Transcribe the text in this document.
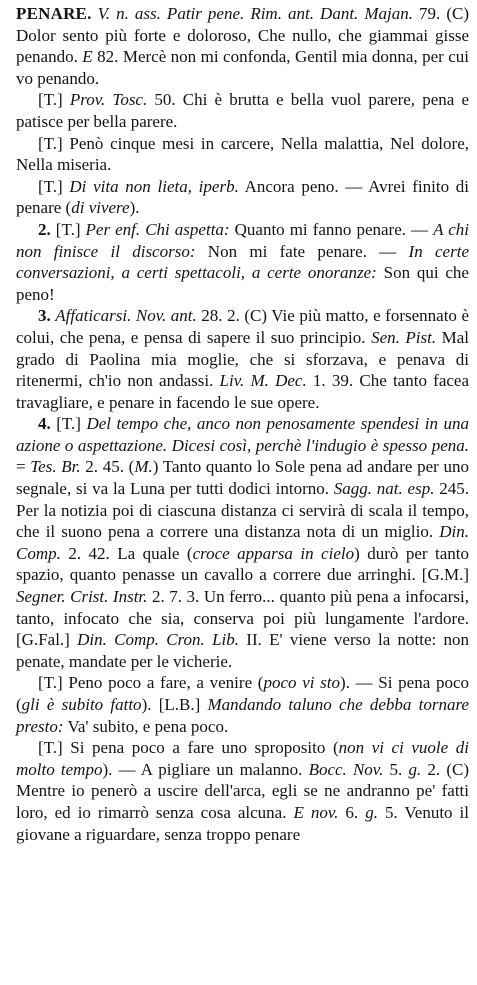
PENARE. V. n. ass. Patir pene. Rim. ant. Dant. Majan. 79. (C) Dolor sento più forte e doloroso, Che nullo, che giammai gisse penando. E 82. Mercè non mi confonda, Gentil mia donna, per cui vo penando.

[T.] Prov. Tosc. 50. Chi è brutta e bella vuol parere, pena e patisce per bella parere.

[T.] Penò cinque mesi in carcere, Nella malattia, Nel dolore, Nella miseria.

[T.] Di vita non lieta, iperb. Ancora peno. — Avrei finito di penare (di vivere).

2. [T.] Per enf. Chi aspetta: Quanto mi fanno penare. — A chi non finisce il discorso: Non mi fate penare. — In certe conversazioni, a certi spettacoli, a certe onoranze: Son qui che peno!

3. Affaticarsi. Nov. ant. 28. 2. (C) Vie più matto, e forsennato è colui, che pena, e pensa di sapere il suo principio. Sen. Pist. Mal grado di Paolina mia moglie, che si sforzava, e penava di ritenermi, ch'io non andassi. Liv. M. Dec. 1. 39. Che tanto facea travagliare, e penare in facendo le sue opere.

4. [T.] Del tempo che, anco non penosamente spendesi in una azione o aspettazione. Dicesi così, perchè l'indugio è spesso pena. = Tes. Br. 2. 45. (M.) Tanto quanto lo Sole pena ad andare per uno segnale, si va la Luna per tutti dodici intorno. Sagg. nat. esp. 245. Per la notizia poi di ciascuna distanza ci servirà di scala il tempo, che il suono pena a correre una distanza nota di un miglio. Din. Comp. 2. 42. La quale (croce apparsa in cielo) durò per tanto spazio, quanto penasse un cavallo a correre due arringhi. [G.M.] Segner. Crist. Instr. 2. 7. 3. Un ferro... quanto più pena a infocarsi, tanto, infocato che sia, conserva poi più lungamente l'ardore. [G.Fal.] Din. Comp. Cron. Lib. II. E' viene verso la notte: non penate, mandate per le vicherie.

[T.] Peno poco a fare, a venire (poco vi sto). — Si pena poco (gli è subito fatto). [L.B.] Mandando taluno che debba tornare presto: Va' subito, e pena poco.

[T.] Si pena poco a fare uno sproposito (non vi ci vuole di molto tempo). — A pigliare un malanno. Bocc. Nov. 5. g. 2. (C) Mentre io penerò a uscire dell'arca, egli se ne andranno pe' fatti loro, ed io rimarrò senza cosa alcuna. E nov. 6. g. 5. Venuto il giovane a riguardare, senza troppo penare
